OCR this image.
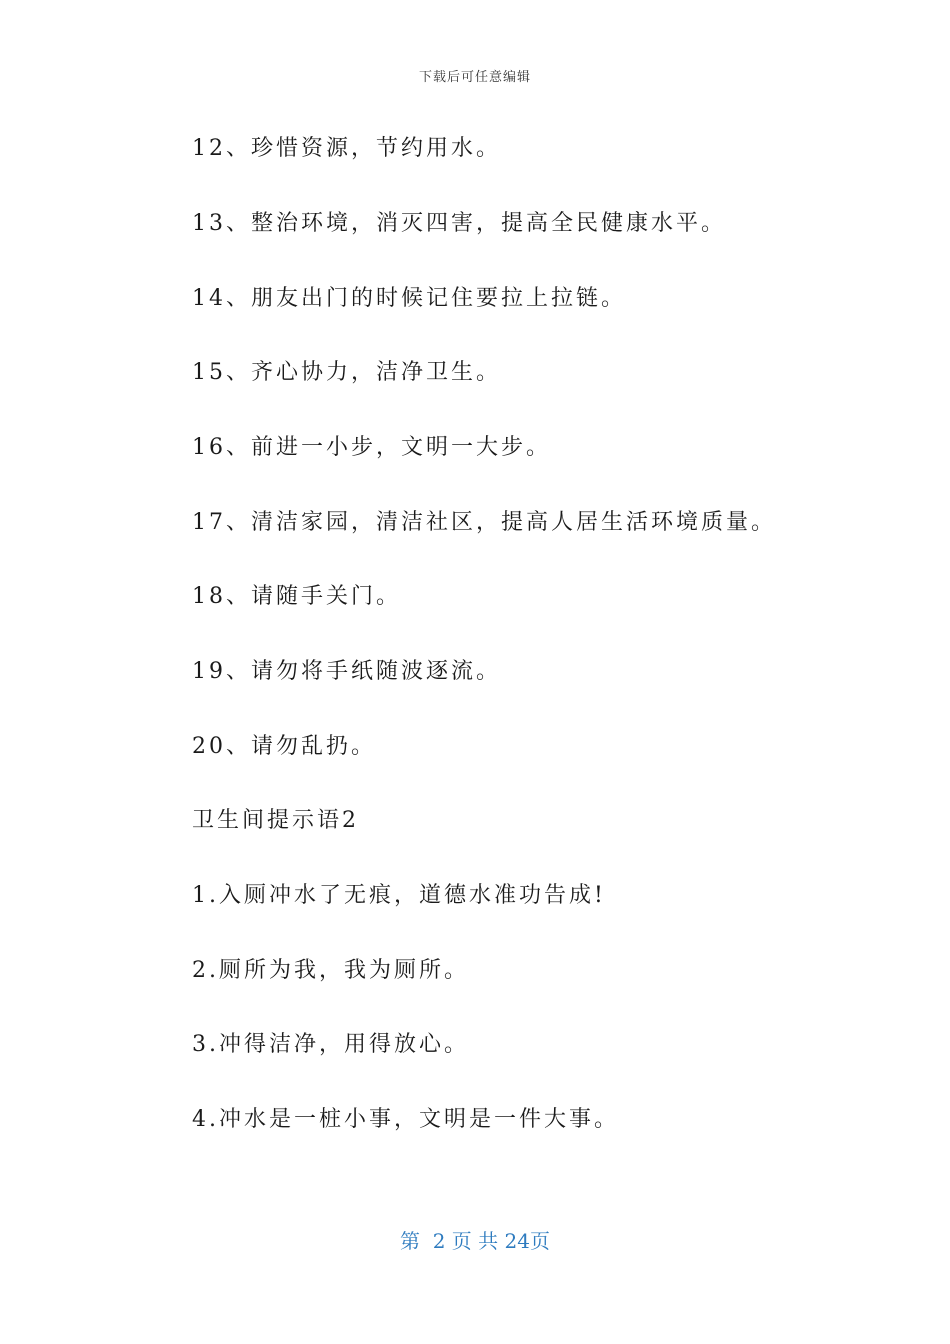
下载后可任意编辑
12、珍惜资源，节约用水。
13、整治环境，消灭四害，提高全民健康水平。
14、朋友出门的时候记住要拉上拉链。
15、齐心协力，洁净卫生。
16、前进一小步，文明一大步。
17、清洁家园，清洁社区，提高人居生活环境质量。
18、请随手关门。
19、请勿将手纸随波逐流。
20、请勿乱扔。
卫生间提示语2
1.入厕冲水了无痕，道德水准功告成!
2.厕所为我，我为厕所。
3.冲得洁净，用得放心。
4.冲水是一桩小事，文明是一件大事。
第  2 页 共 24页
